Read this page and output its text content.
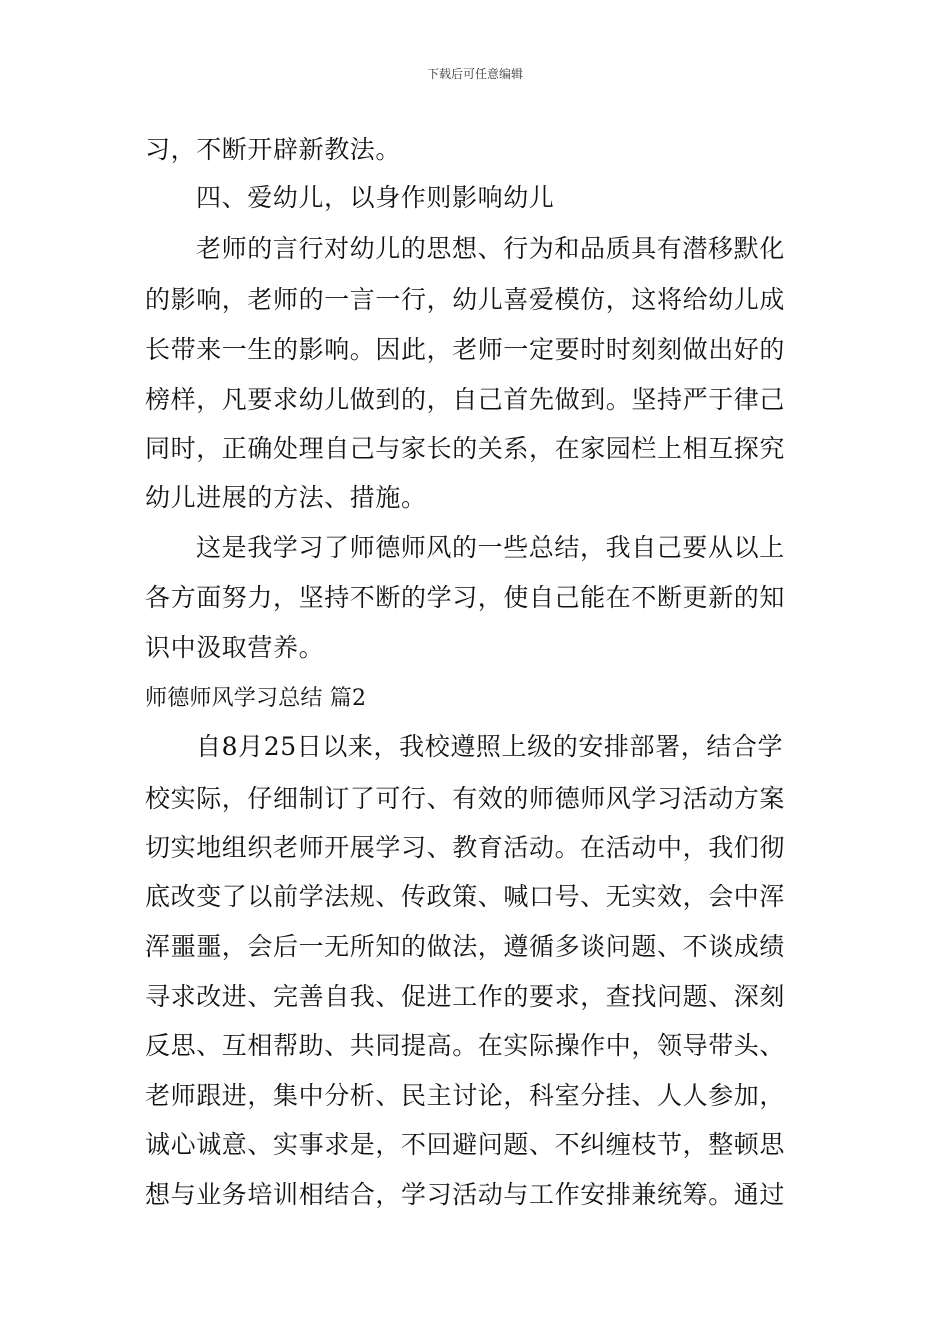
下载后可任意编辑
习，不断开辟新教法。
四、爱幼儿，以身作则影响幼儿
老师的言行对幼儿的思想、行为和品质具有潜移默化
的影响，老师的一言一行，幼儿喜爱模仿，这将给幼儿成
长带来一生的影响。因此，老师一定要时时刻刻做出好的
榜样，凡要求幼儿做到的，自己首先做到。坚持严于律己
同时，正确处理自己与家长的关系，在家园栏上相互探究
幼儿进展的方法、措施。
这是我学习了师德师风的一些总结，我自己要从以上
各方面努力，坚持不断的学习，使自己能在不断更新的知
识中汲取营养。
师德师风学习总结 篇2
自8月25日以来，我校遵照上级的安排部署，结合学
校实际，仔细制订了可行、有效的师德师风学习活动方案
切实地组织老师开展学习、教育活动。在活动中，我们彻
底改变了以前学法规、传政策、喊口号、无实效，会中浑
浑噩噩，会后一无所知的做法，遵循多谈问题、不谈成绩
寻求改进、完善自我、促进工作的要求，查找问题、深刻
反思、互相帮助、共同提高。在实际操作中，领导带头、
老师跟进，集中分析、民主讨论，科室分挂、人人参加，
诚心诚意、实事求是，不回避问题、不纠缠枝节，整顿思
想与业务培训相结合，学习活动与工作安排兼统筹。通过
